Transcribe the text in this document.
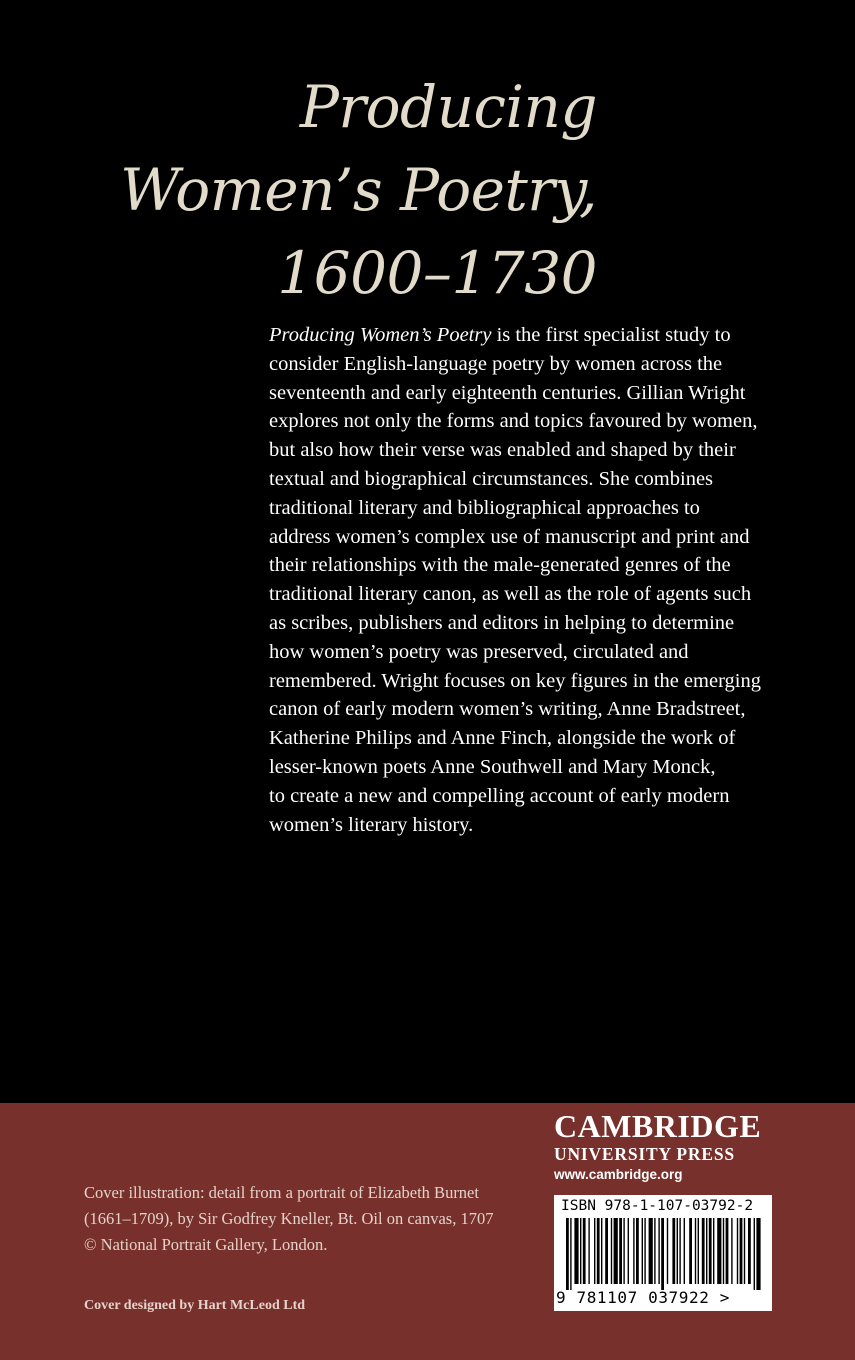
Producing
Women’s Poetry,
1600–1730
Producing Women’s Poetry is the first specialist study to
consider English-language poetry by women across the
seventeenth and early eighteenth centuries. Gillian Wright
explores not only the forms and topics favoured by women,
but also how their verse was enabled and shaped by their
textual and biographical circumstances. She combines
traditional literary and bibliographical approaches to
address women’s complex use of manuscript and print and
their relationships with the male-generated genres of the
traditional literary canon, as well as the role of agents such
as scribes, publishers and editors in helping to determine
how women’s poetry was preserved, circulated and
remembered. Wright focuses on key figures in the emerging
canon of early modern women’s writing, Anne Bradstreet,
Katherine Philips and Anne Finch, alongside the work of
lesser-known poets Anne Southwell and Mary Monck,
to create a new and compelling account of early modern
women’s literary history.
Cover illustration: detail from a portrait of Elizabeth Burnet
(1661–1709), by Sir Godfrey Kneller, Bt. Oil on canvas, 1707
© National Portrait Gallery, London.
Cover designed by Hart McLeod Ltd
CAMBRIDGE
UNIVERSITY PRESS
www.cambridge.org
ISBN 978-1-107-03792-2
9 781107 037922 >
